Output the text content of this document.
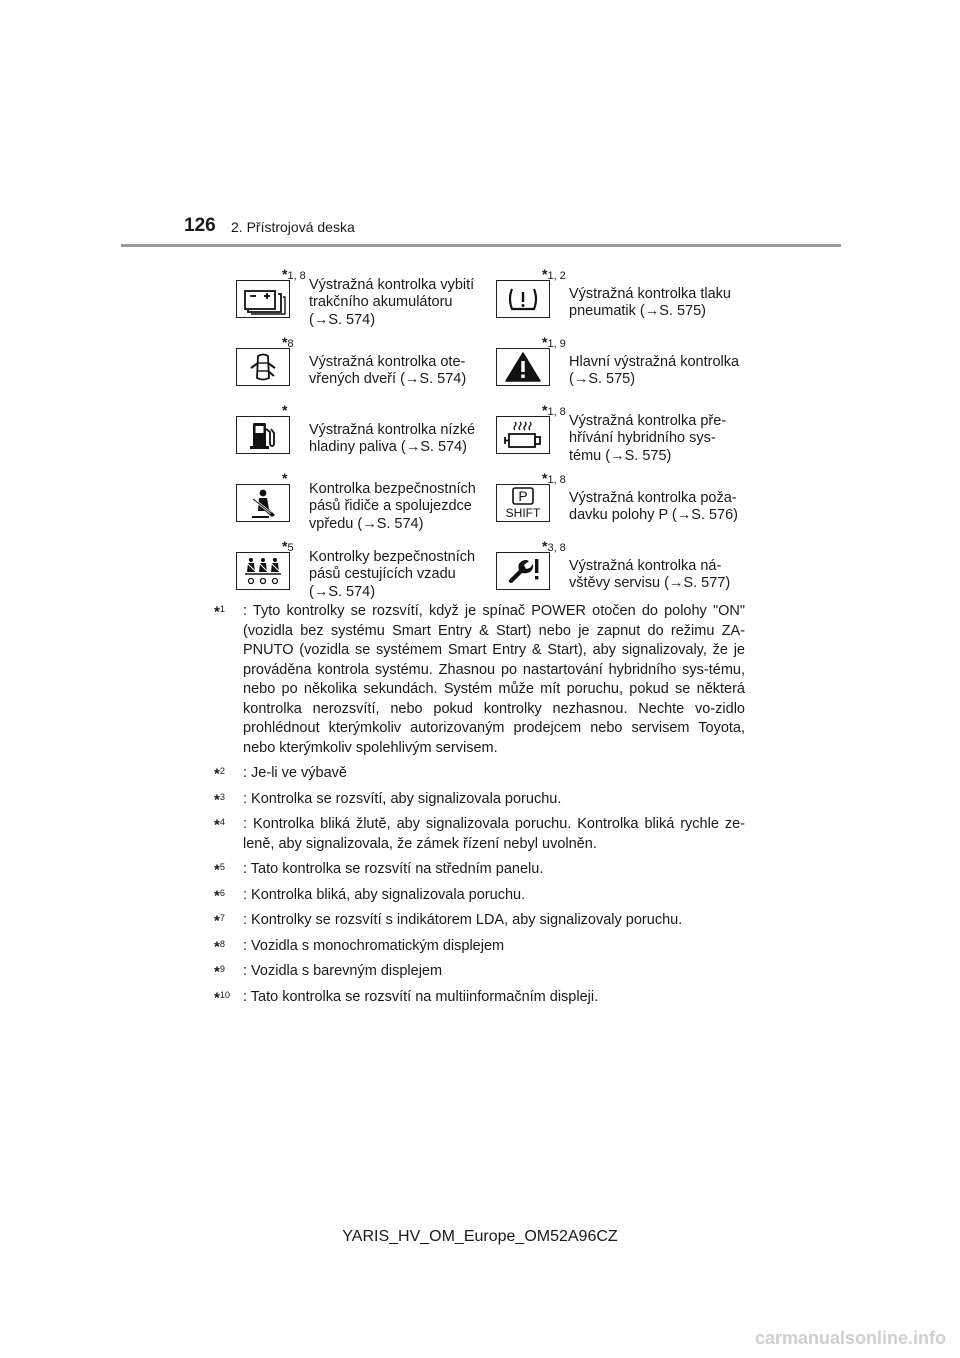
126 2. Přístrojová deska
*1, 8
Výstražná kontrolka vybití
trakčního akumulátoru
(→S. 574)
*1, 2
Výstražná kontrolka tlaku
pneumatik (→S. 575)
*8
Výstražná kontrolka ote-
vřených dveří (→S. 574)
*1, 9
Hlavní výstražná kontrolka
(→S. 575)
*
Výstražná kontrolka nízké
hladiny paliva (→S. 574)
*1, 8
Výstražná kontrolka pře-
hřívání hybridního sys-
tému (→S. 575)
*
Kontrolka bezpečnostních
pásů řidiče a spolujezdce
vpředu (→S. 574)
P
SHIFT
*1, 8
Výstražná kontrolka poža-
davku polohy P (→S. 576)
*5
Kontrolky bezpečnostních
pásů cestujících vzadu
(→S. 574)
*3, 8
Výstražná kontrolka ná-
vštěvy servisu (→S. 577)
*$^1$ : Tyto kontrolky se rozsvítí, když je spínač POWER otočen do polohy "ON" (vozidla bez systému Smart Entry & Start) nebo je zapnut do režimu ZA-PNUTO (vozidla se systémem Smart Entry & Start), aby signalizovaly, že je prováděna kontrola systému. Zhasnou po nastartování hybridního sys-tému, nebo po několika sekundách. Systém může mít poruchu, pokud se některá kontrolka nerozsvítí, nebo pokud kontrolky nezhasnou. Nechte vo-zidlo prohlédnout kterýmkoliv autorizovaným prodejcem nebo servisem Toyota, nebo kterýmkoliv spolehlivým servisem.
*$^2$ : Je-li ve výbavě
*$^3$ : Kontrolka se rozsvítí, aby signalizovala poruchu.
*$^4$ : Kontrolka bliká žlutě, aby signalizovala poruchu. Kontrolka bliká rychle ze-leně, aby signalizovala, že zámek řízení nebyl uvolněn.
*$^5$ : Tato kontrolka se rozsvítí na středním panelu.
*$^6$ : Kontrolka bliká, aby signalizovala poruchu.
*$^7$ : Kontrolky se rozsvítí s indikátorem LDA, aby signalizovaly poruchu.
*$^8$ : Vozidla s monochromatickým displejem
*$^9$ : Vozidla s barevným displejem
*$^{10}$ : Tato kontrolka se rozsvítí na multiinformačním displeji.
YARIS_HV_OM_Europe_OM52A96CZ
carmanualsonline.info
